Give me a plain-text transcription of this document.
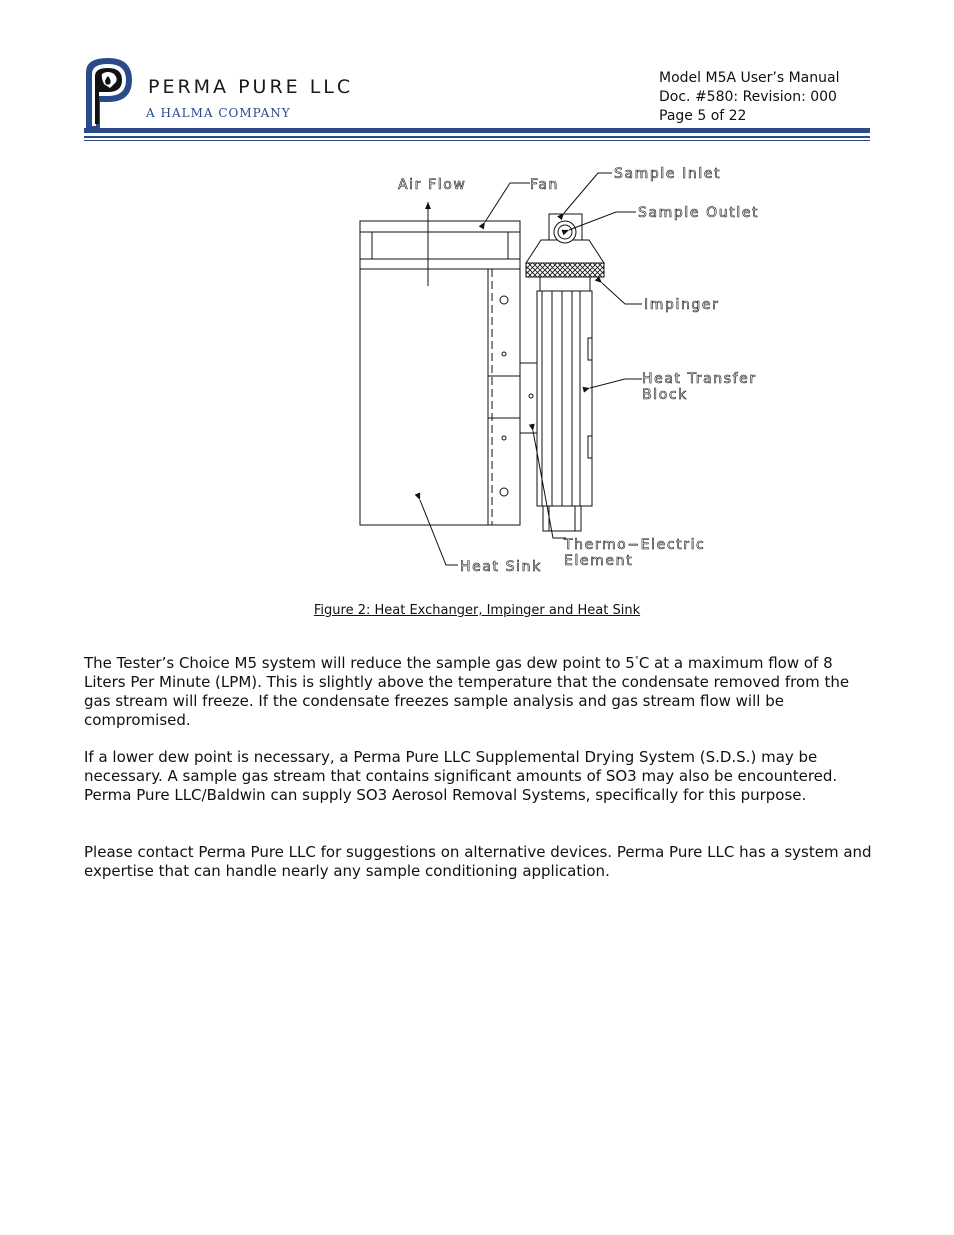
PERMA PURE LLC
A HALMA COMPANY
Model M5A User’s Manual
Doc. #580: Revision: 000
Page 5 of 22
Air Flow	Fan
Sample Inlet
Sample Outlet
Impinger
Heat Transfer
Block
Thermo−Electric
Element
Heat Sink
Figure 2: Heat Exchanger, Impinger and Heat Sink
The Tester’s Choice M5 system will reduce the sample gas dew point to 5°C at a maximum flow of 8 Liters Per Minute (LPM). This is slightly above the temperature that the condensate removed from the gas stream will freeze. If the condensate freezes sample analysis and gas stream flow will be compromised.
If a lower dew point is necessary, a Perma Pure LLC Supplemental Drying System (S.D.S.) may be necessary. A sample gas stream that contains significant amounts of SO3 may also be encountered. Perma Pure LLC/Baldwin can supply SO3 Aerosol Removal Systems, specifically for this purpose.
Please contact Perma Pure LLC for suggestions on alternative devices. Perma Pure LLC has a system and expertise that can handle nearly any sample conditioning application.
